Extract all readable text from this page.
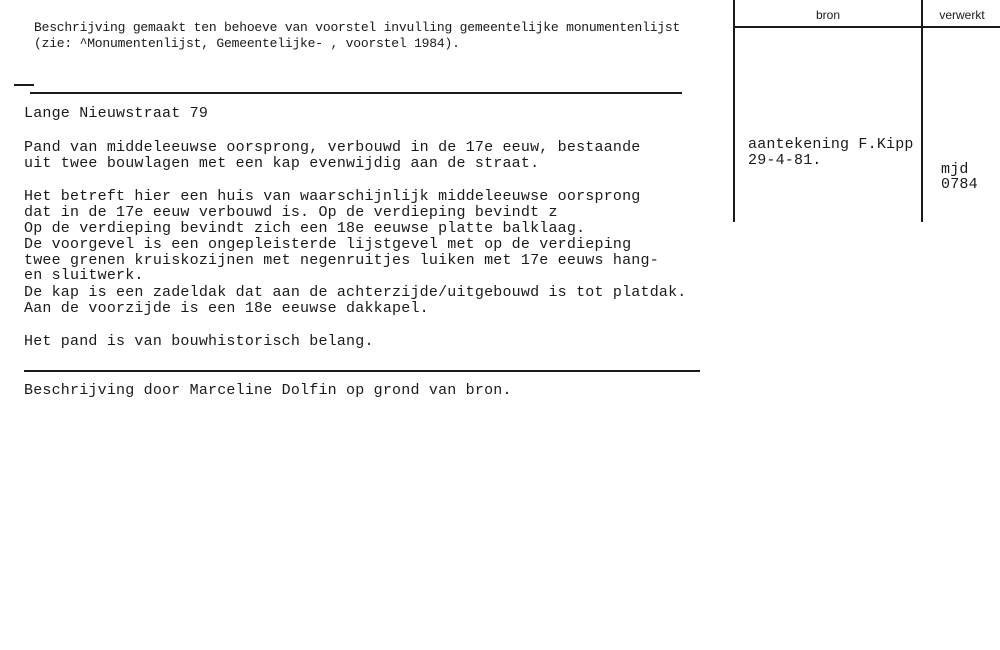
Beschrijving gemaakt ten behoeve van voorstel invulling gemeentelijke monumentenlijst
(zie: ^Monumentenlijst, Gemeentelijke- , voorstel 1984).
bron	verwerkt
aantekening F.Kipp
29-4-81.
mjd
0784
Lange Nieuwstraat 79
Pand van middeleeuwse oorsprong, verbouwd in de 17e eeuw, bestaande
uit twee bouwlagen met een kap evenwijdig aan de straat.
Het betreft hier een huis van waarschijnlijk middeleeuwse oorsprong
dat in de 17e eeuw verbouwd is. Op de verdieping bevindt z
Op de verdieping bevindt zich een 18e eeuwse platte balklaag.
De voorgevel is een ongepleisterde lijstgevel met op de verdieping
twee grenen kruiskozijnen met negenruitjes luiken met 17e eeuws hang-
en sluitwerk.
De kap is een zadeldak dat aan de achterzijde/uitgebouwd is tot platdak.
Aan de voorzijde is een 18e eeuwse dakkapel.
Het pand is van bouwhistorisch belang.
Beschrijving door Marceline Dolfin op grond van bron.
